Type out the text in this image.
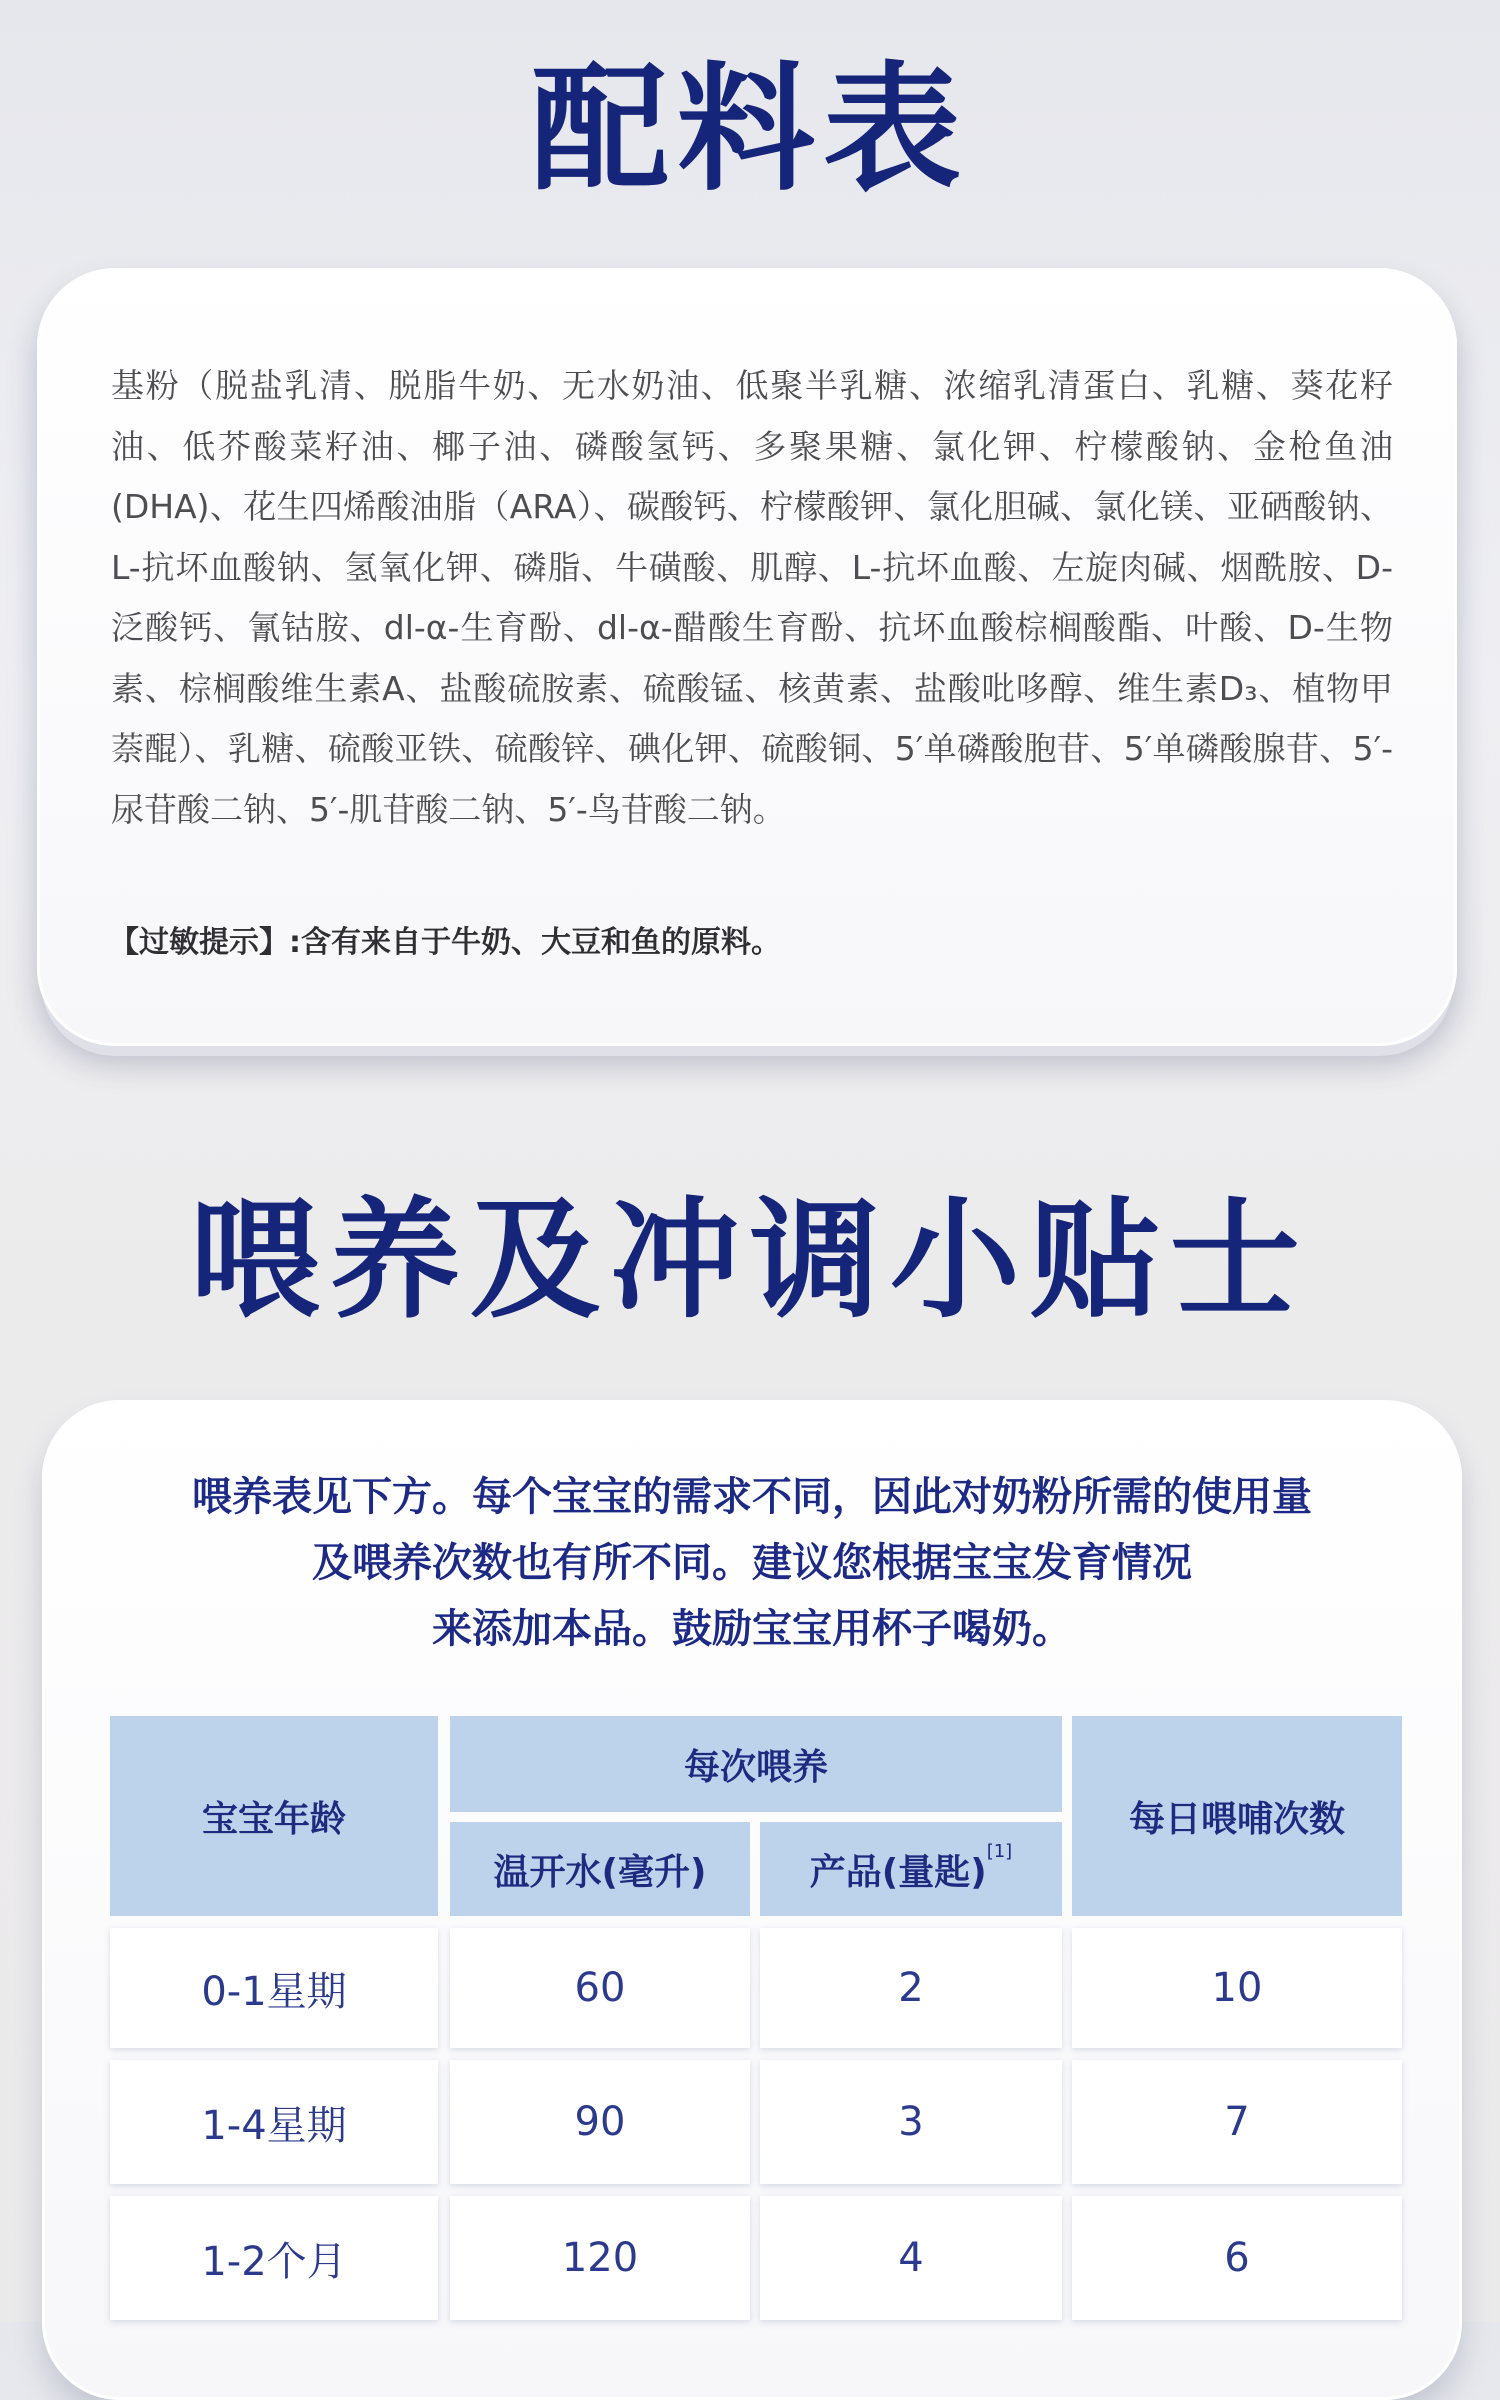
配料表
基粉（脱盐乳清、脱脂牛奶、无水奶油、低聚半乳糖、浓缩乳清蛋白、乳糖、葵花籽油、低芥酸菜籽油、椰子油、磷酸氢钙、多聚果糖、氯化钾、柠檬酸钠、金枪鱼油(DHA)、花生四烯酸油脂（ARA）、碳酸钙、柠檬酸钾、氯化胆碱、氯化镁、亚硒酸钠、L-抗坏血酸钠、氢氧化钾、磷脂、牛磺酸、肌醇、L-抗坏血酸、左旋肉碱、烟酰胺、D-泛酸钙、氰钴胺、dl-α-生育酚、dl-α-醋酸生育酚、抗坏血酸棕榈酸酯、叶酸、D-生物素、棕榈酸维生素A、盐酸硫胺素、硫酸锰、核黄素、盐酸吡哆醇、维生素D₃、植物甲萘醌）、乳糖、硫酸亚铁、硫酸锌、碘化钾、硫酸铜、5′单磷酸胞苷、5′单磷酸腺苷、5′-尿苷酸二钠、5′-肌苷酸二钠、5′-鸟苷酸二钠。
【过敏提示】:含有来自于牛奶、大豆和鱼的原料。
喂养及冲调小贴士
喂养表见下方。每个宝宝的需求不同，因此对奶粉所需的使用量
及喂养次数也有所不同。建议您根据宝宝发育情况
来添加本品。鼓励宝宝用杯子喝奶。
宝宝年龄
每次喂养
温开水(毫升)	产品(量匙)[1]
每日喂哺次数
0-1星期	60	2	10
1-4星期	90	3	7
1-2个月	120	4	6
